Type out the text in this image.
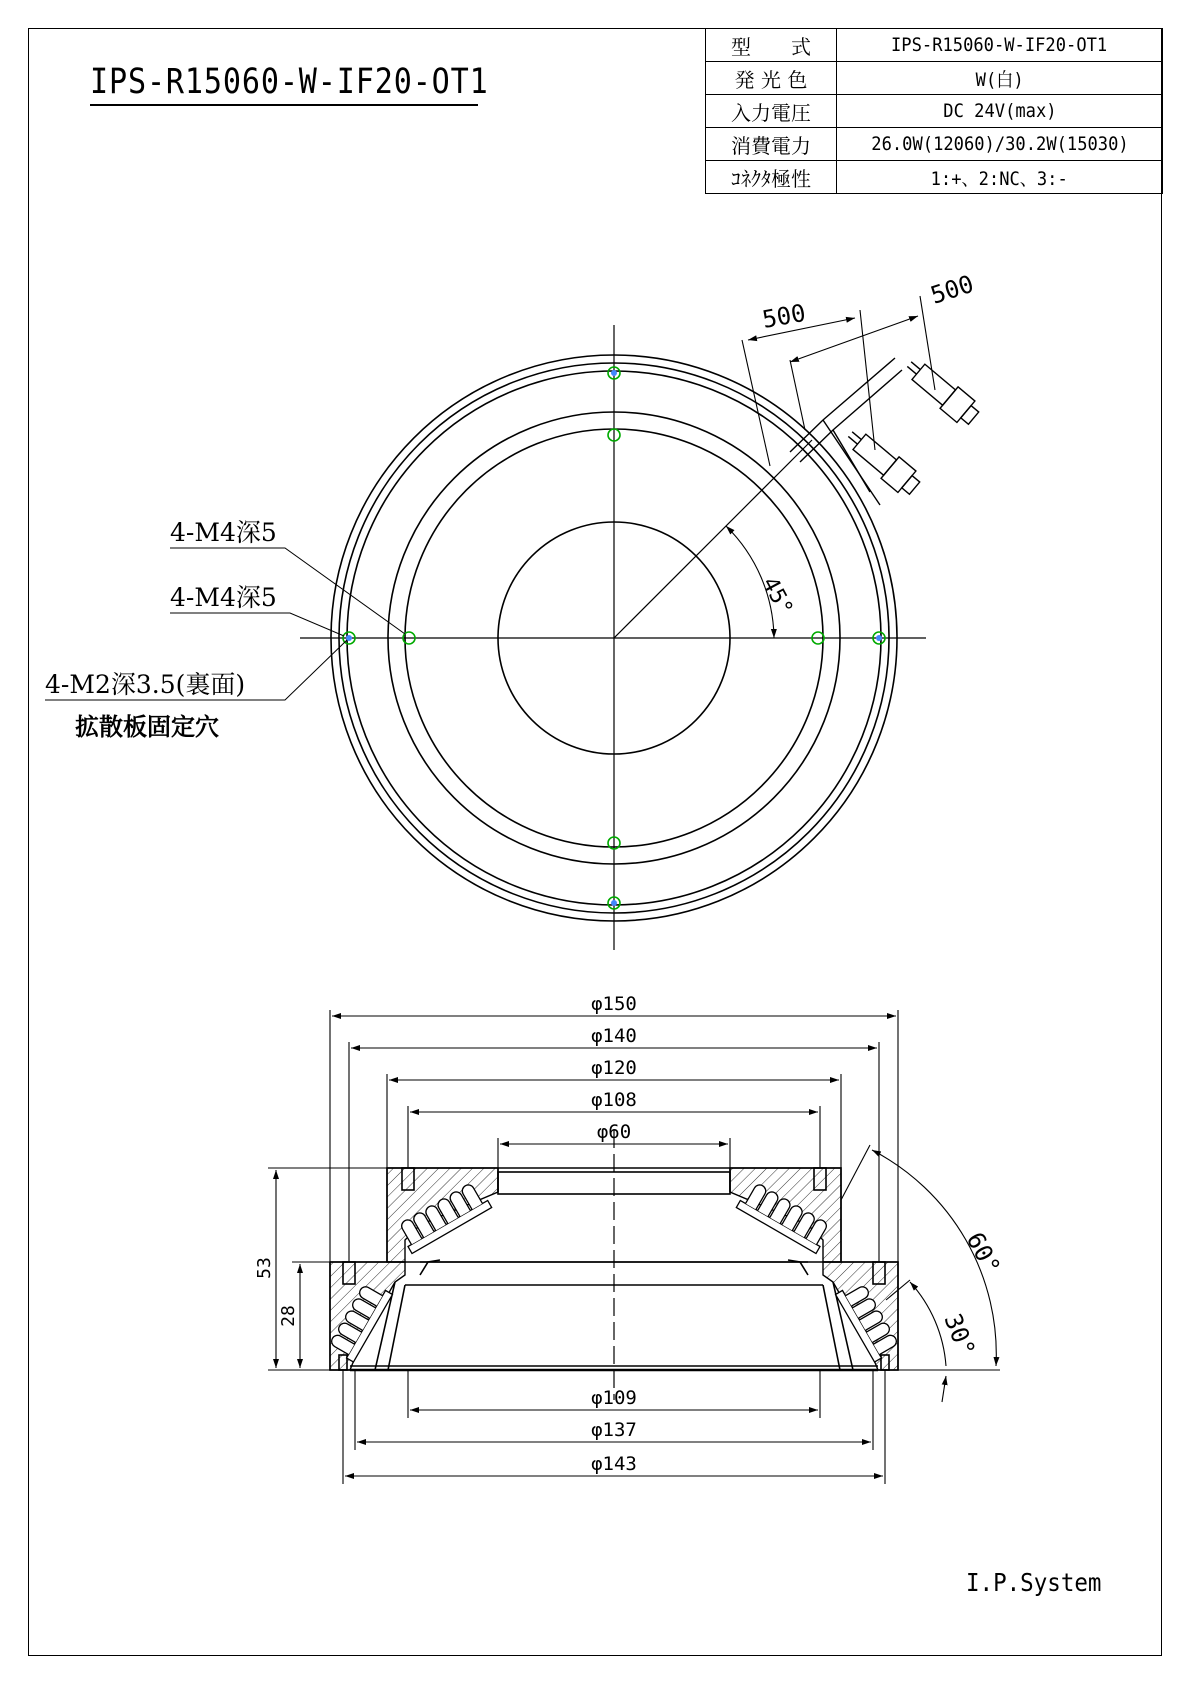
IPS-R15060-W-IF20-OT1
型　　式	IPS-R15060-W-IF20-OT1
発 光 色	W(白)
入力電圧	DC 24V(max)
消費電力	26.0W(12060)/30.2W(15030)
ｺﾈｸﾀ極性	1:+、2:NC、3:-
45°
500
500
4-M4深5
4-M4深5
4-M2深3.5(裏面)
拡散板固定穴
φ150
φ140
φ120
φ108
φ60
φ109
φ137
φ143
53
28
60°
30°
I.P.System
